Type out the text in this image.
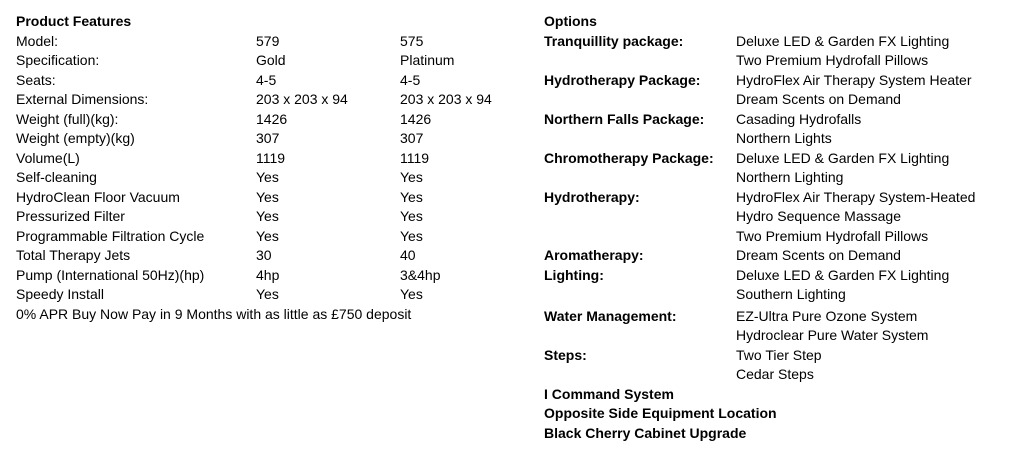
Product Features
Model:	579	575
Specification:	Gold	Platinum
Seats:	4-5	4-5
External Dimensions:	203 x 203 x 94	203 x 203 x 94
Weight (full)(kg):	1426	1426
Weight (empty)(kg)	307	307
Volume(L)	1119	1119
Self-cleaning	Yes	Yes
HydroClean Floor Vacuum	Yes	Yes
Pressurized Filter	Yes	Yes
Programmable Filtration Cycle	Yes	Yes
Total Therapy Jets	30	40
Pump (International 50Hz)(hp)	4hp	3&4hp
Speedy Install	Yes	Yes
0% APR Buy Now Pay in 9 Months with as little as £750 deposit
Options
Tranquillity package:	Deluxe LED & Garden FX Lighting
Two Premium Hydrofall Pillows
Hydrotherapy Package:	HydroFlex Air Therapy System Heater
Dream Scents on Demand
Northern Falls Package: Casading Hydrofalls
Northern Lights
Chromotherapy Package: Deluxe LED & Garden FX Lighting
Northern Lighting
Hydrotherapy:	HydroFlex Air Therapy System-Heated
Hydro Sequence Massage
Two Premium Hydrofall Pillows
Aromatherapy:	Dream Scents on Demand
Lighting:	Deluxe LED & Garden FX Lighting
Southern Lighting
Water Management:	EZ-Ultra Pure Ozone System
Hydroclear Pure Water System
Steps:	Two Tier Step
Cedar Steps
I Command System
Opposite Side Equipment Location
Black Cherry Cabinet Upgrade
